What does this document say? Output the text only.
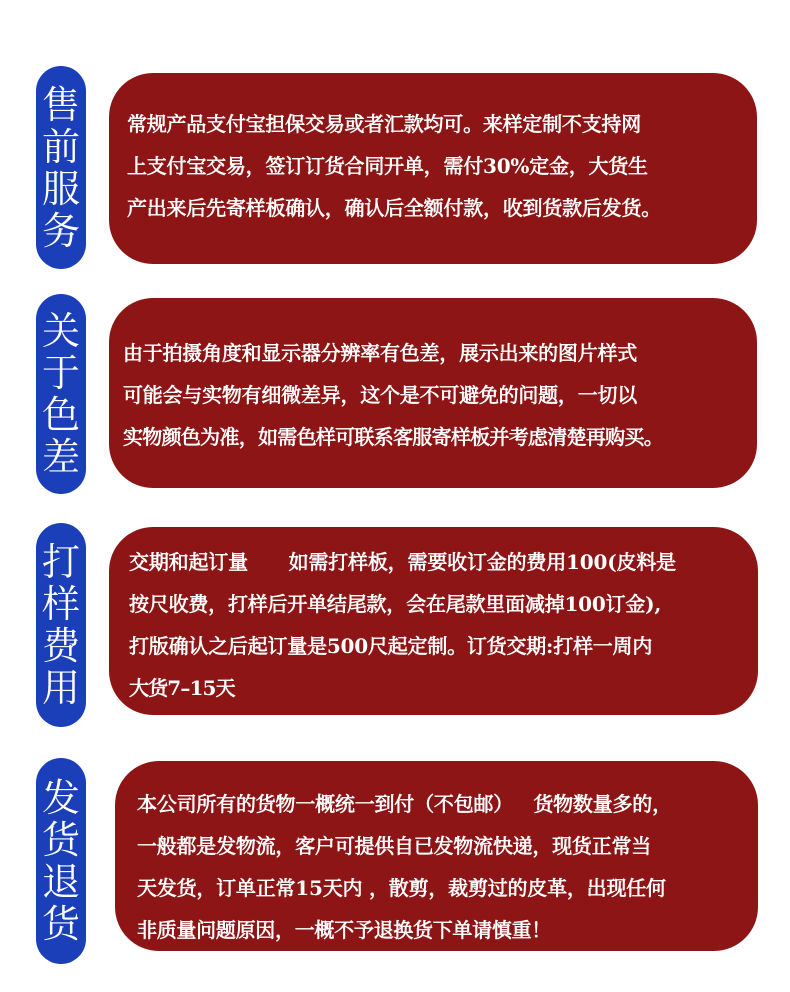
售
前
服
务

常规产品支付宝担保交易或者汇款均可。来样定制不支持网

上支付宝交易，签订订货合同开单，需付30%定金，大货生

产出来后先寄样板确认，确认后全额付款，收到货款后发货。

关
于
色
差

由于拍摄角度和显示器分辨率有色差，展示出来的图片样式

可能会与实物有细微差异，这个是不可避免的问题，一切以

实物颜色为准，如需色样可联系客服寄样板并考虑清楚再购买。

打
样
费
用

交期和起订量      如需打样板，需要收订金的费用100(皮料是

按尺收费，打样后开单结尾款，会在尾款里面减掉100订金),

打版确认之后起订量是500尺起定制。订货交期:打样一周内

大货7–15天

发
货
退
货

本公司所有的货物一概统一到付（不包邮）   货物数量多的，

一般都是发物流，客户可提供自已发物流快递，现货正常当

天发货，订单正常15天内 ，散剪，裁剪过的皮革，出现任何

非质量问题原因，一概不予退换货下单请慎重！
